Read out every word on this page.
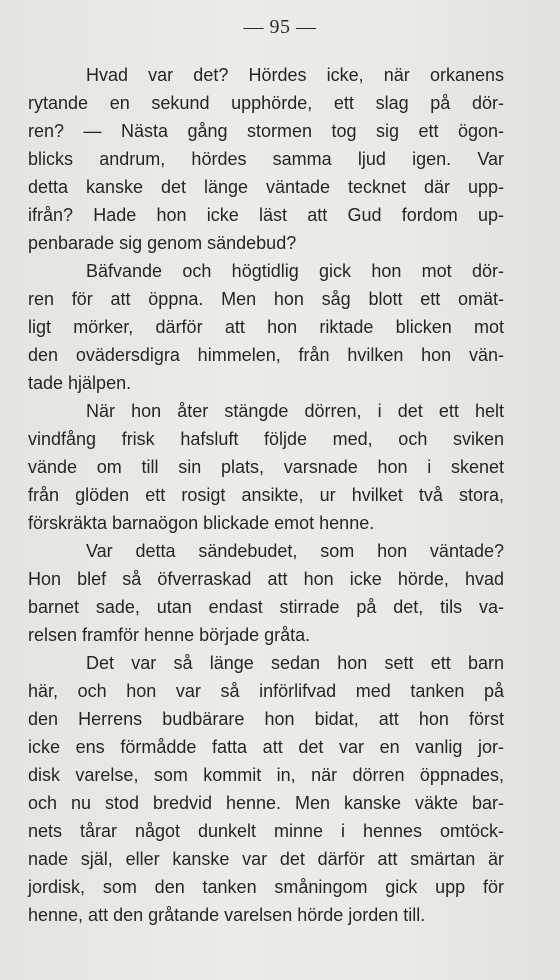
— 95 —
Hvad var det? Hördes icke, när orkanens
rytande en sekund upphörde, ett slag på dör-
ren? — Nästa gång stormen tog sig ett ögon-
blicks andrum, hördes samma ljud igen. Var
detta kanske det länge väntade tecknet där upp-
ifrån? Hade hon icke läst att Gud fordom up-
penbarade sig genom sändebud?
Bäfvande och högtidlig gick hon mot dör-
ren för att öppna. Men hon såg blott ett omät-
ligt mörker, därför att hon riktade blicken mot
den ovädersdigra himmelen, från hvilken hon vän-
tade hjälpen.
När hon åter stängde dörren, i det ett helt
vindfång frisk hafsluft följde med, och sviken
vände om till sin plats, varsnade hon i skenet
från glöden ett rosigt ansikte, ur hvilket två stora,
förskräkta barnaögon blickade emot henne.
Var detta sändebudet, som hon väntade?
Hon blef så öfverraskad att hon icke hörde, hvad
barnet sade, utan endast stirrade på det, tils va-
relsen framför henne började gråta.
Det var så länge sedan hon sett ett barn
här, och hon var så införlifvad med tanken på
den Herrens budbärare hon bidat, att hon först
icke ens förmådde fatta att det var en vanlig jor-
disk varelse, som kommit in, när dörren öppnades,
och nu stod bredvid henne. Men kanske väkte bar-
nets tårar något dunkelt minne i hennes omtöck-
nade själ, eller kanske var det därför att smärtan är
jordisk, som den tanken småningom gick upp för
henne, att den gråtande varelsen hörde jorden till.
